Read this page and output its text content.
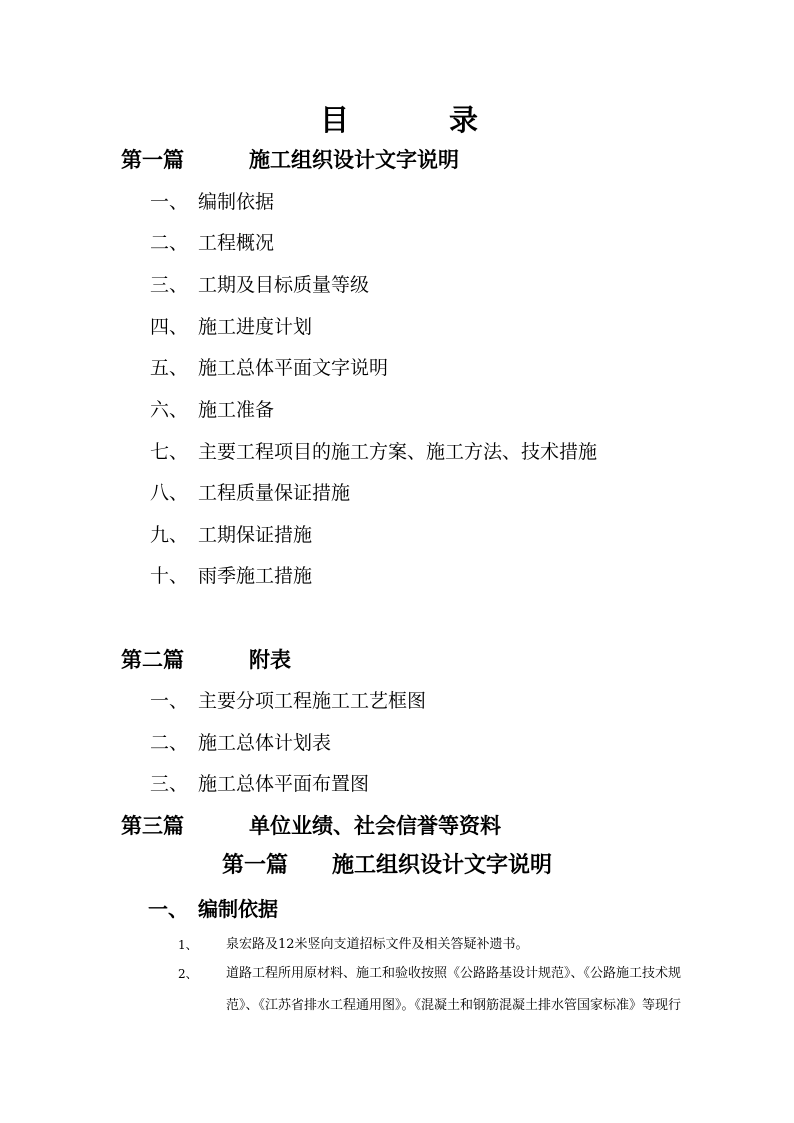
目	录
第一篇	施工组织设计文字说明
一、 编制依据
二、 工程概况
三、 工期及目标质量等级
四、 施工进度计划
五、 施工总体平面文字说明
六、 施工准备
七、 主要工程项目的施工方案、施工方法、技术措施
八、 工程质量保证措施
九、 工期保证措施
十、 雨季施工措施
第二篇	附表
一、 主要分项工程施工工艺框图
二、 施工总体计划表
三、 施工总体平面布置图
第三篇	单位业绩、社会信誉等资料
第一篇 施工组织设计文字说明
一、 编制依据
1、 泉宏路及12米竖向支道招标文件及相关答疑补遗书。
2、 道路工程所用原材料、施工和验收按照《公路路基设计规范》、《公路施工技术规
范》、《江苏省排水工程通用图》。《混凝土和钢筋混凝土排水管国家标准》等现行
